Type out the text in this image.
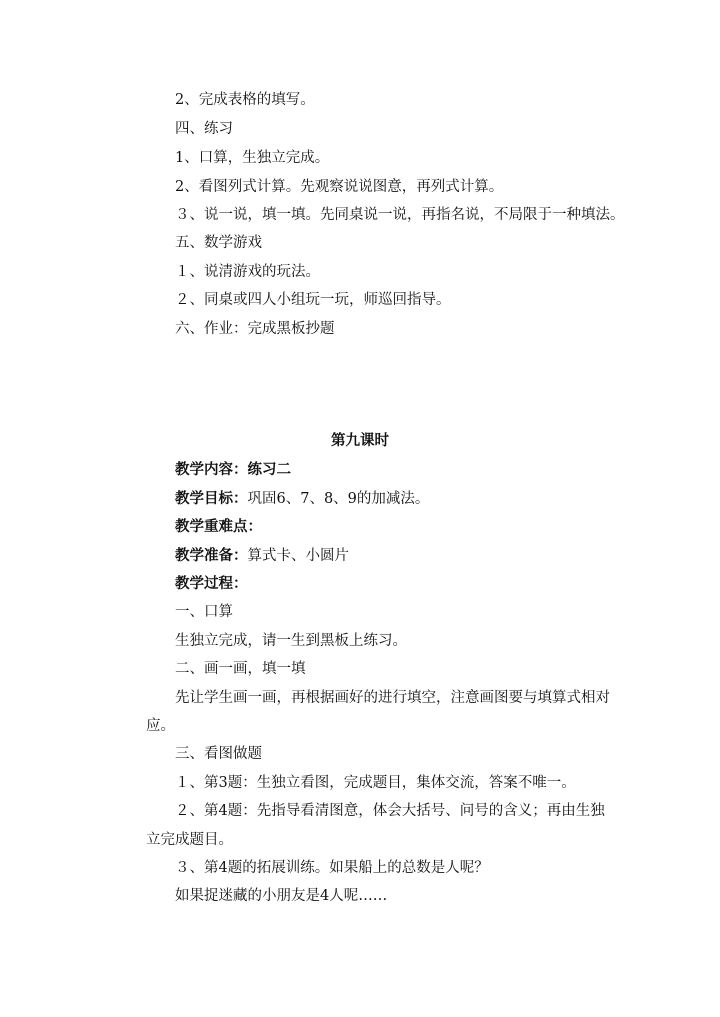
2、完成表格的填写。
四、练习
1、口算，生独立完成。
2、看图列式计算。先观察说说图意，再列式计算。
３、说一说，填一填。先同桌说一说，再指名说，不局限于一种填法。
五、数学游戏
１、说清游戏的玩法。
２、同桌或四人小组玩一玩，师巡回指导。
六、作业：完成黑板抄题
第九课时
教学内容：练习二
教学目标：巩固6、7、8、9的加减法。
教学重难点：
教学准备：算式卡、小圆片
教学过程：
一、口算
生独立完成，请一生到黑板上练习。
二、画一画，填一填
先让学生画一画，再根据画好的进行填空，注意画图要与填算式相对
应。
三、看图做题
１、第3题：生独立看图，完成题目，集体交流，答案不唯一。
２、第4题：先指导看清图意，体会大括号、问号的含义；再由生独
立完成题目。
３、第4题的拓展训练。如果船上的总数是人呢？
如果捉迷藏的小朋友是4人呢……
